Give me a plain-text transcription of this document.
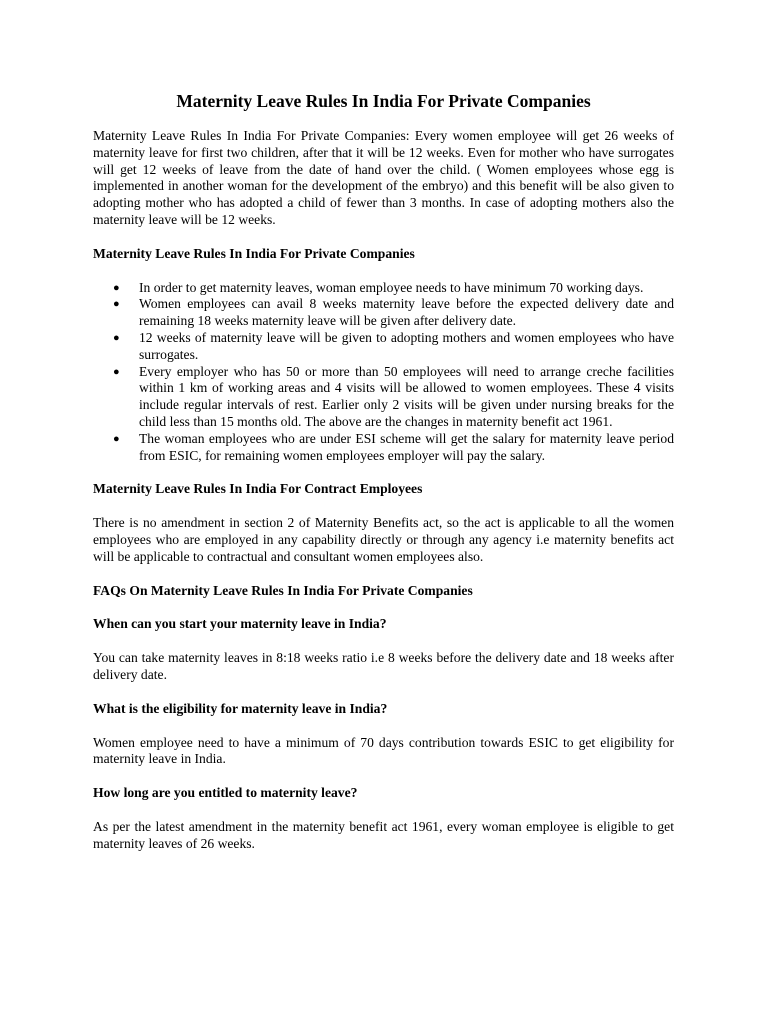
Maternity Leave Rules In India For Private Companies

Maternity Leave Rules In India For Private Companies: Every women employee will get 26 weeks of maternity leave for first two children, after that it will be 12 weeks. Even for mother who have surrogates will get 12 weeks of leave from the date of hand over the child. ( Women employees whose egg is implemented in another woman for the development of the embryo) and this benefit will be also given to adopting mother who has adopted a child of fewer than 3 months. In case of adopting mothers also the maternity leave will be 12 weeks.

Maternity Leave Rules In India For Private Companies
● In order to get maternity leaves, woman employee needs to have minimum 70 working days.
● Women employees can avail 8 weeks maternity leave before the expected delivery date and remaining 18 weeks maternity leave will be given after delivery date.
● 12 weeks of maternity leave will be given to adopting mothers and women employees who have surrogates.
● Every employer who has 50 or more than 50 employees will need to arrange creche facilities within 1 km of working areas and 4 visits will be allowed to women employees. These 4 visits include regular intervals of rest. Earlier only 2 visits will be given under nursing breaks for the child less than 15 months old. The above are the changes in maternity benefit act 1961.
● The woman employees who are under ESI scheme will get the salary for maternity leave period from ESIC, for remaining women employees employer will pay the salary.
Maternity Leave Rules In India For Contract Employees

There is no amendment in section 2 of Maternity Benefits act, so the act is applicable to all the women employees who are employed in any capability directly or through any agency i.e maternity benefits act will be applicable to contractual and consultant women employees also.

FAQs On Maternity Leave Rules In India For Private Companies
When can you start your maternity leave in India?

You can take maternity leaves in 8:18 weeks ratio i.e 8 weeks before the delivery date and 18 weeks after delivery date.

What is the eligibility for maternity leave in India?

Women employee need to have a minimum of 70 days contribution towards ESIC to get eligibility for maternity leave in India.

How long are you entitled to maternity leave?

As per the latest amendment in the maternity benefit act 1961, every woman employee is eligible to get maternity leaves of 26 weeks.
